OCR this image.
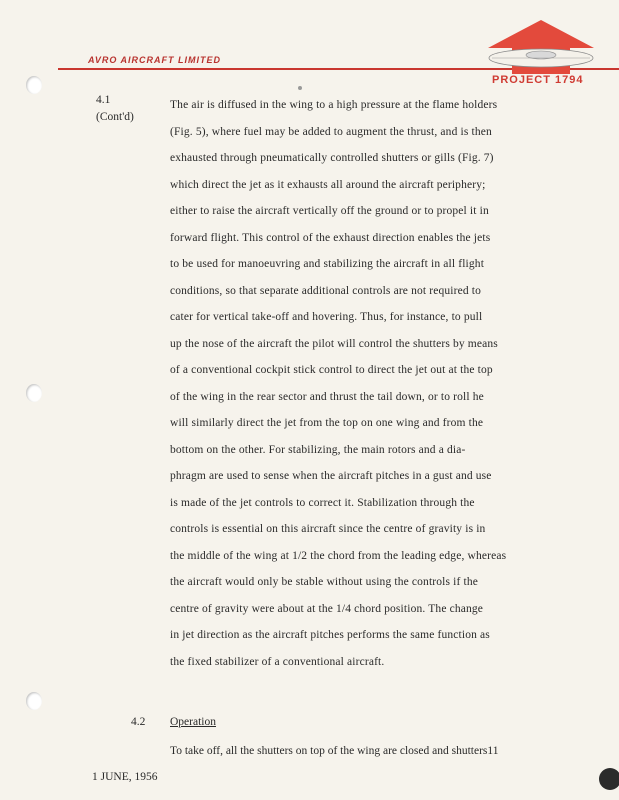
AVRO AIRCRAFT LIMITED
PROJECT 1794
4.1
(Cont'd)
The air is diffused in the wing to a high pressure at the flame holders
(Fig. 5), where fuel may be added to augment the thrust, and is then
exhausted through pneumatically controlled shutters or gills (Fig. 7)
which direct the jet as it exhausts all around the aircraft periphery;
either to raise the aircraft vertically off the ground or to propel it in
forward flight. This control of the exhaust direction enables the jets
to be used for manoeuvring and stabilizing the aircraft in all flight
conditions, so that separate additional controls are not required to
cater for vertical take-off and hovering. Thus, for instance, to pull
up the nose of the aircraft the pilot will control the shutters by means
of a conventional cockpit stick control to direct the jet out at the top
of the wing in the rear sector and thrust the tail down, or to roll he
will similarly direct the jet from the top on one wing and from the
bottom on the other. For stabilizing, the main rotors and a dia-
phragm are used to sense when the aircraft pitches in a gust and use
is made of the jet controls to correct it. Stabilization through the
controls is essential on this aircraft since the centre of gravity is in
the middle of the wing at 1/2 the chord from the leading edge, whereas
the aircraft would only be stable without using the controls if the
centre of gravity were about at the 1/4 chord position. The change
in jet direction as the aircraft pitches performs the same function as
the fixed stabilizer of a conventional aircraft.
4.2 Operation
To take off, all the shutters on top of the wing are closed and shutters11
1 JUNE, 1956
